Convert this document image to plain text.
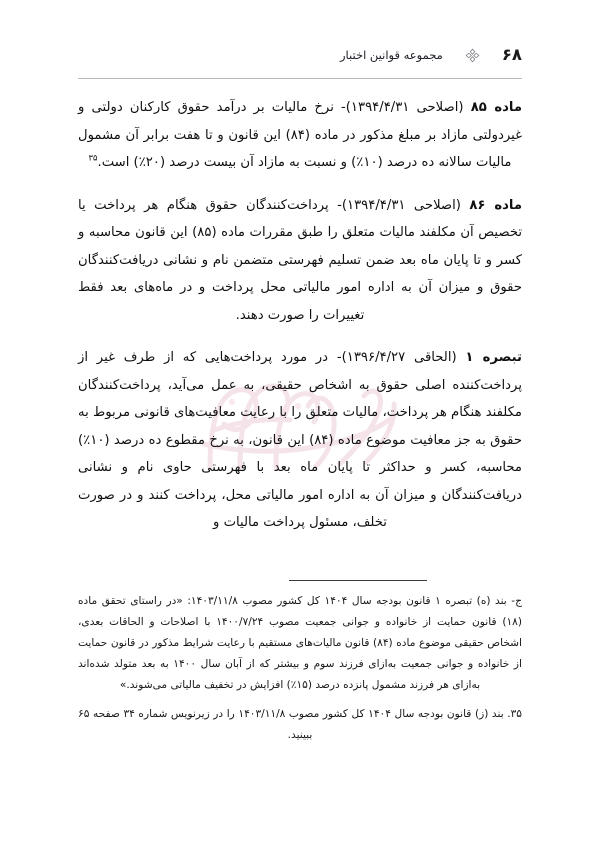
۶۸
مجموعه قوانین اختبار

ماده ۸۵ (اصلاحی ۱۳۹۴/۴/۳۱)- نرخ مالیات بر درآمد حقوق کارکنان دولتی و غیردولتی مازاد بر مبلغ مذکور در ماده (۸۴) این قانون و تا هفت برابر آن مشمول مالیات سالانه ده درصد (۱۰٪) و نسبت به مازاد آن بیست درصد (۲۰٪) است.$^{۳۵}$

ماده ۸۶ (اصلاحی ۱۳۹۴/۴/۳۱)- پرداخت‌کنندگان حقوق هنگام هر پرداخت یا تخصیص آن مکلفند مالیات متعلق را طبق مقررات ماده (۸۵) این قانون محاسبه و کسر و تا پایان ماه بعد ضمن تسلیم فهرستی متضمن نام و نشانی دریافت‌کنندگان حقوق و میزان آن به اداره امور مالیاتی محل پرداخت و در ماه‌های بعد فقط تغییرات را صورت دهند.

تبصره ۱ (الحاقی ۱۳۹۶/۴/۲۷)- در مورد پرداخت‌هایی که از طرف غیر از پرداخت‌کننده اصلی حقوق به اشخاص حقیقی، به عمل می‌آید، پرداخت‌کنندگان مکلفند هنگام هر پرداخت، مالیات متعلق را با رعایت معافیت‌های قانونی مربوط به حقوق به جز معافیت موضوع ماده (۸۴) این قانون، به نرخ مقطوع ده درصد (۱۰٪) محاسبه، کسر و حداکثر تا پایان ماه بعد با فهرستی حاوی نام و نشانی دریافت‌کنندگان و میزان آن به اداره امور مالیاتی محل، پرداخت کنند و در صورت تخلف، مسئول پرداخت مالیات و

ج- بند (ه) تبصره ۱ قانون بودجه سال ۱۴۰۴ کل کشور مصوب ۱۴۰۳/۱۱/۸: «در راستای تحقق ماده (۱۸) قانون حمایت از خانواده و جوانی جمعیت مصوب ۱۴۰۰/۷/۲۴ با اصلاحات و الحاقات بعدی، اشخاص حقیقی موضوع ماده (۸۴) قانون مالیات‌های مستقیم با رعایت شرایط مذکور در قانون حمایت از خانواده و جوانی جمعیت به‌ازای فرزند سوم و بیشتر که از آبان سال ۱۴۰۰ به بعد متولد شده‌اند به‌ازای هر فرزند مشمول پانزده درصد (۱۵٪) افزایش در تخفیف مالیاتی می‌شوند.»

۳۵. بند (ز) قانون بودجه سال ۱۴۰۴ کل کشور مصوب ۱۴۰۳/۱۱/۸ را در زیرنویس شماره ۳۴ صفحه ۶۵ ببینید.
